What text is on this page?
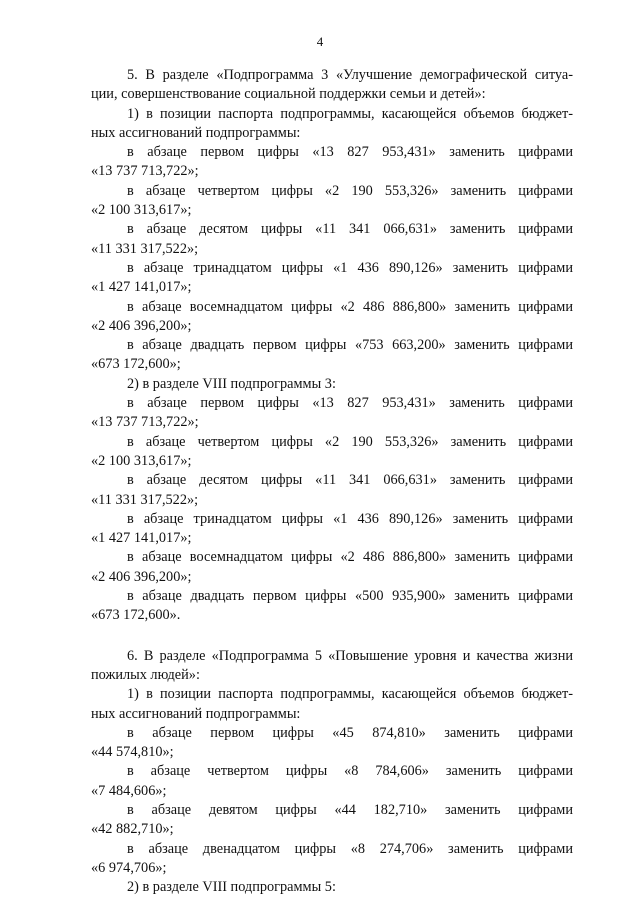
4
5. В разделе «Подпрограмма 3 «Улучшение демографической ситуа-
ции, совершенствование социальной поддержки семьи и детей»:
1) в позиции паспорта подпрограммы, касающейся объемов бюджет-
ных ассигнований подпрограммы:
в абзаце первом цифры «13 827 953,431» заменить цифрами
«13 737 713,722»;
в абзаце четвертом цифры «2 190 553,326» заменить цифрами
«2 100 313,617»;
в абзаце десятом цифры «11 341 066,631» заменить цифрами
«11 331 317,522»;
в абзаце тринадцатом цифры «1 436 890,126» заменить цифрами
«1 427 141,017»;
в абзаце восемнадцатом цифры «2 486 886,800» заменить цифрами
«2 406 396,200»;
в абзаце двадцать первом цифры «753 663,200» заменить цифрами
«673 172,600»;
2) в разделе VIII подпрограммы 3:
в абзаце первом цифры «13 827 953,431» заменить цифрами
«13 737 713,722»;
в абзаце четвертом цифры «2 190 553,326» заменить цифрами
«2 100 313,617»;
в абзаце десятом цифры «11 341 066,631» заменить цифрами
«11 331 317,522»;
в абзаце тринадцатом цифры «1 436 890,126» заменить цифрами
«1 427 141,017»;
в абзаце восемнадцатом цифры «2 486 886,800» заменить цифрами
«2 406 396,200»;
в абзаце двадцать первом цифры «500 935,900» заменить цифрами
«673 172,600».
6. В разделе «Подпрограмма 5 «Повышение уровня и качества жизни
пожилых людей»:
1) в позиции паспорта подпрограммы, касающейся объемов бюджет-
ных ассигнований подпрограммы:
в абзаце первом цифры «45 874,810» заменить цифрами
«44 574,810»;
в абзаце четвертом цифры «8 784,606» заменить цифрами
«7 484,606»;
в абзаце девятом цифры «44 182,710» заменить цифрами
«42 882,710»;
в абзаце двенадцатом цифры «8 274,706» заменить цифрами
«6 974,706»;
2) в разделе VIII подпрограммы 5:
